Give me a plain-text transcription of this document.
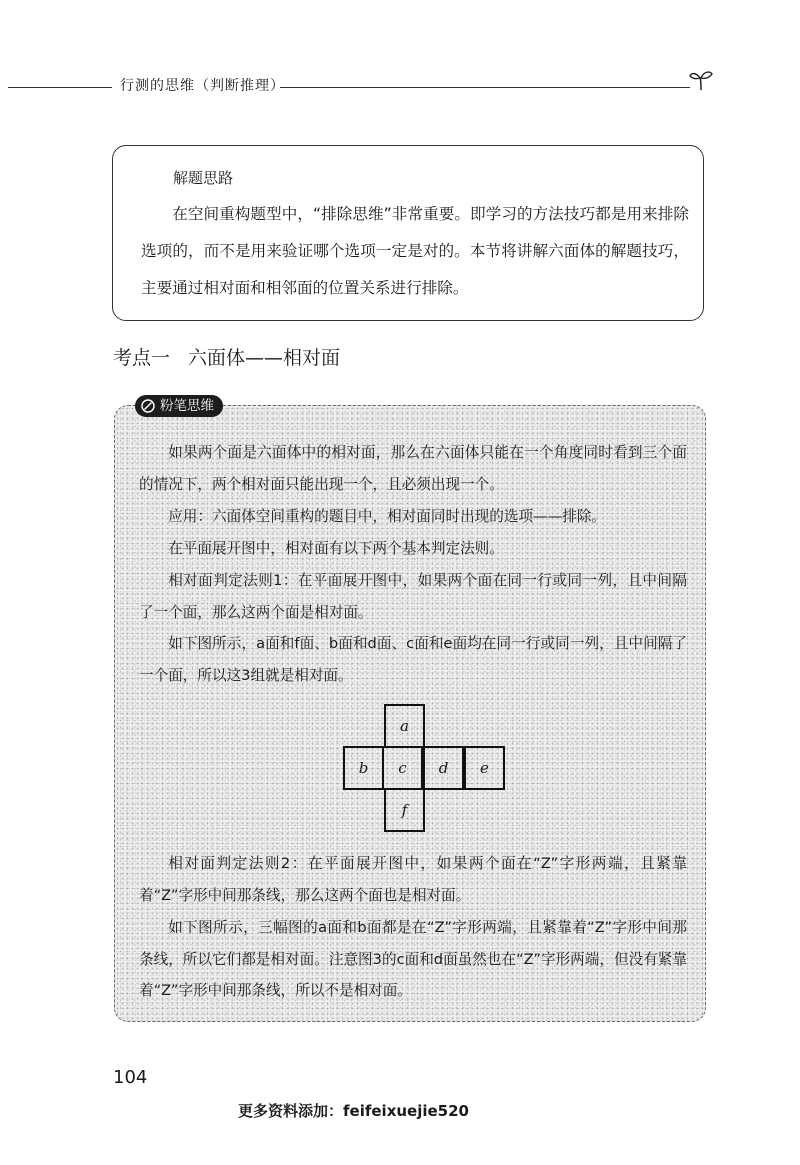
行测的思维（判断推理）
解题思路

在空间重构题型中，“排除思维”非常重要。即学习的方法技巧都是用来排除选项的，而不是用来验证哪个选项一定是对的。本节将讲解六面体的解题技巧，主要通过相对面和相邻面的位置关系进行排除。

考点一 六面体——相对面
粉笔思维

如果两个面是六面体中的相对面，那么在六面体只能在一个角度同时看到三个面的情况下，两个相对面只能出现一个，且必须出现一个。

应用：六面体空间重构的题目中，相对面同时出现的选项——排除。

在平面展开图中，相对面有以下两个基本判定法则。

相对面判定法则1：在平面展开图中，如果两个面在同一行或同一列，且中间隔了一个面，那么这两个面是相对面。

如下图所示，a面和f面、b面和d面、c面和e面均在同一行或同一列，且中间隔了一个面，所以这3组就是相对面。

a
b	c	d	e
f

相对面判定法则2：在平面展开图中，如果两个面在“Z”字形两端，且紧靠着“Z”字形中间那条线，那么这两个面也是相对面。

如下图所示，三幅图的a面和b面都是在“Z”字形两端，且紧靠着“Z”字形中间那条线，所以它们都是相对面。注意图3的c面和d面虽然也在“Z”字形两端，但没有紧靠着“Z”字形中间那条线，所以不是相对面。

104
更多资料添加：feifeixuejie520
